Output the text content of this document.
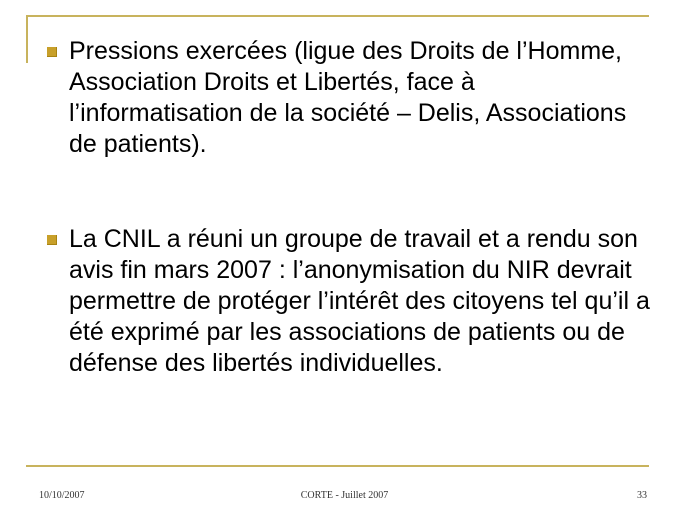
Pressions exercées (ligue des Droits de l’Homme, Association Droits et Libertés, face à l’informatisation de la société – Delis, Associations de patients).
La CNIL a réuni un groupe de travail et a rendu son avis fin mars 2007 : l’anonymisation du NIR devrait permettre de protéger l’intérêt des citoyens tel qu’il a été exprimé par les associations de patients ou de défense des libertés individuelles.
10/10/2007	CORTE - Juillet 2007	33
